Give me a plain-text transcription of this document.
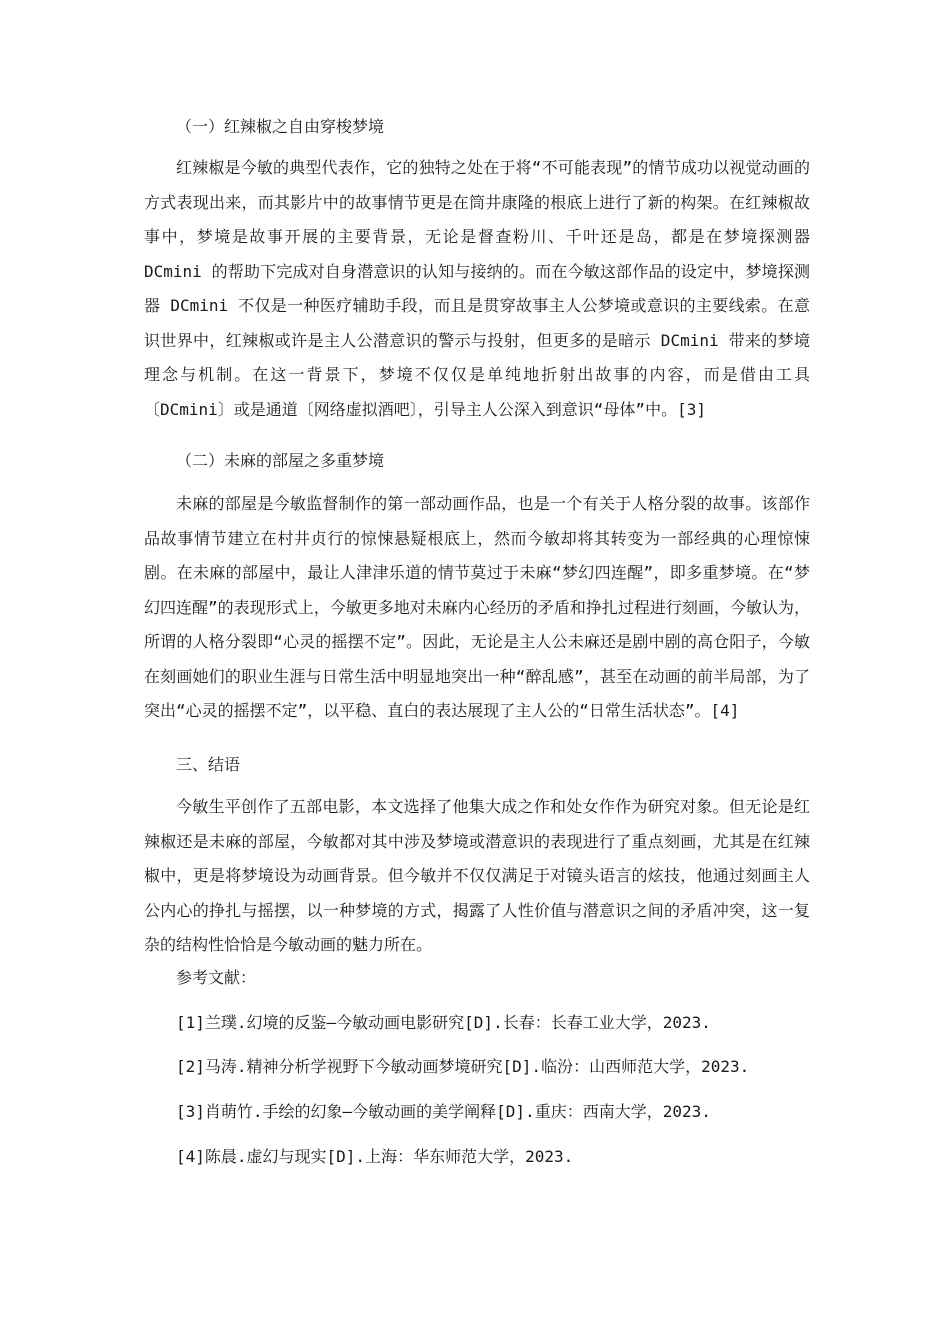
（一）红辣椒之自由穿梭梦境

红辣椒是今敏的典型代表作，它的独特之处在于将“不可能表现”的情节成功以视觉动画的方式表现出来，而其影片中的故事情节更是在筒井康隆的根底上进行了新的构架。在红辣椒故事中，梦境是故事开展的主要背景，无论是督查粉川、千叶还是岛，都是在梦境探测器 DCmini 的帮助下完成对自身潜意识的认知与接纳的。而在今敏这部作品的设定中，梦境探测器 DCmini 不仅是一种医疗辅助手段，而且是贯穿故事主人公梦境或意识的主要线索。在意识世界中，红辣椒或许是主人公潜意识的警示与投射，但更多的是暗示 DCmini 带来的梦境理念与机制。在这一背景下，梦境不仅仅是单纯地折射出故事的内容，而是借由工具〔DCmini〕或是通道〔网络虚拟酒吧〕，引导主人公深入到意识“母体”中。[3]

（二）未麻的部屋之多重梦境

未麻的部屋是今敏监督制作的第一部动画作品，也是一个有关于人格分裂的故事。该部作品故事情节建立在村井贞行的惊悚悬疑根底上，然而今敏却将其转变为一部经典的心理惊悚剧。在未麻的部屋中，最让人津津乐道的情节莫过于未麻“梦幻四连醒”，即多重梦境。在“梦幻四连醒”的表现形式上，今敏更多地对未麻内心经历的矛盾和挣扎过程进行刻画，今敏认为，所谓的人格分裂即“心灵的摇摆不定”。因此，无论是主人公未麻还是剧中剧的高仓阳子，今敏在刻画她们的职业生涯与日常生活中明显地突出一种“醉乱感”，甚至在动画的前半局部，为了突出“心灵的摇摆不定”，以平稳、直白的表达展现了主人公的“日常生活状态”。[4]

三、结语

今敏生平创作了五部电影，本文选择了他集大成之作和处女作作为研究对象。但无论是红辣椒还是未麻的部屋，今敏都对其中涉及梦境或潜意识的表现进行了重点刻画，尤其是在红辣椒中，更是将梦境设为动画背景。但今敏并不仅仅满足于对镜头语言的炫技，他通过刻画主人公内心的挣扎与摇摆，以一种梦境的方式，揭露了人性价值与潜意识之间的矛盾冲突，这一复杂的结构性恰恰是今敏动画的魅力所在。

参考文献：

[1]兰璞.幻境的反鉴—今敏动画电影研究[D].长春：长春工业大学，2023.

[2]马涛.精神分析学视野下今敏动画梦境研究[D].临汾：山西师范大学，2023.

[3]肖萌竹.手绘的幻象—今敏动画的美学阐释[D].重庆：西南大学，2023.

[4]陈晨.虚幻与现实[D].上海：华东师范大学，2023.
